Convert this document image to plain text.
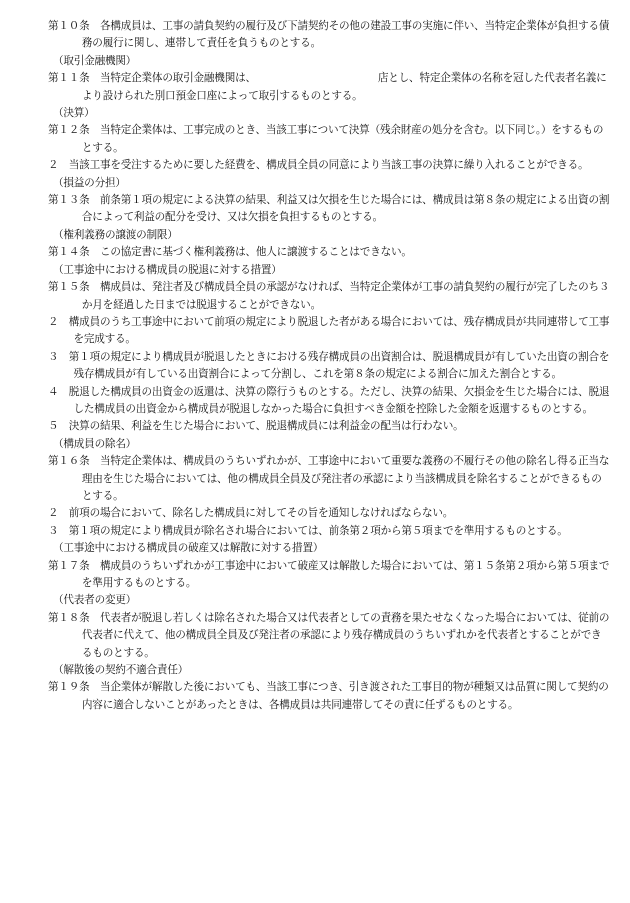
第１０条　各構成員は、工事の請負契約の履行及び下請契約その他の建設工事の実施に伴い、当特定企業体が負担する債務の履行に関し、連帯して責任を負うものとする。

（取引金融機関）

第１１条　当特定企業体の取引金融機関は、	店とし、特定企業体の名称を冠した代表者名義により設けられた別口預金口座によって取引するものとする。

（決算）

第１２条　当特定企業体は、工事完成のとき、当該工事について決算（残余財産の処分を含む。以下同じ。）をするものとする。

２　当該工事を受注するために要した経費を、構成員全員の同意により当該工事の決算に繰り入れることができる。

（損益の分担）

第１３条　前条第１項の規定による決算の結果、利益又は欠損を生じた場合には、構成員は第８条の規定による出資の割合によって利益の配分を受け、又は欠損を負担するものとする。

（権利義務の譲渡の制限）

第１４条　この協定書に基づく権利義務は、他人に譲渡することはできない。

（工事途中における構成員の脱退に対する措置）

第１５条　構成員は、発注者及び構成員全員の承認がなければ、当特定企業体が工事の請負契約の履行が完了したのち３か月を経過した日までは脱退することができない。

２　構成員のうち工事途中において前項の規定により脱退した者がある場合においては、残存構成員が共同連帯して工事を完成する。

３　第１項の規定により構成員が脱退したときにおける残存構成員の出資割合は、脱退構成員が有していた出資の割合を残存構成員が有している出資割合によって分割し、これを第８条の規定による割合に加えた割合とする。

４　脱退した構成員の出資金の返還は、決算の際行うものとする。ただし、決算の結果、欠損金を生じた場合には、脱退した構成員の出資金から構成員が脱退しなかった場合に負担すべき金額を控除した金額を返還するものとする。

５　決算の結果、利益を生じた場合において、脱退構成員には利益金の配当は行わない。

（構成員の除名）

第１６条　当特定企業体は、構成員のうちいずれかが、工事途中において重要な義務の不履行その他の除名し得る正当な理由を生じた場合においては、他の構成員全員及び発注者の承認により当該構成員を除名することができるものとする。

２　前項の場合において、除名した構成員に対してその旨を通知しなければならない。

３　第１項の規定により構成員が除名され場合においては、前条第２項から第５項までを準用するものとする。

（工事途中における構成員の破産又は解散に対する措置）

第１７条　構成員のうちいずれかが工事途中において破産又は解散した場合においては、第１５条第２項から第５項までを準用するものとする。

（代表者の変更）

第１８条　代表者が脱退し若しくは除名された場合又は代表者としての責務を果たせなくなった場合においては、従前の代表者に代えて、他の構成員全員及び発注者の承認により残存構成員のうちいずれかを代表者とすることができるものとする。

（解散後の契約不適合責任）

第１９条　当企業体が解散した後においても、当該工事につき、引き渡された工事目的物が種類又は品質に関して契約の内容に適合しないことがあったときは、各構成員は共同連帯してその責に任ずるものとする。
